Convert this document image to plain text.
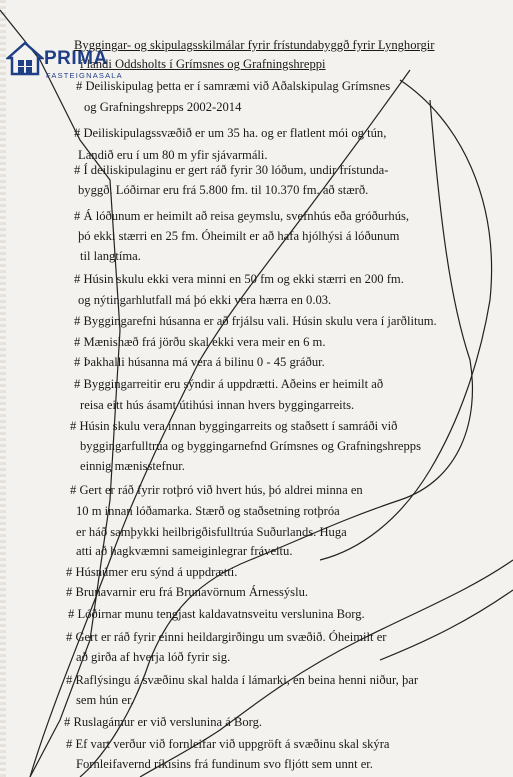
PRIMA
FASTEIGNASALA
Byggingar- og skipulagsskilmálar fyrir frístundabyggð fyrir Lynghorgir
í landi Oddsholts í Grímsnes og Grafningshreppi
# Deiliskipulag þetta er í samræmi við Aðalskipulag Grímsnes
og Grafningshrepps 2002-2014
# Deiliskipulagssvæðið er um 35 ha. og er flatlent mói og tún,
Landið eru í um 80 m yfir sjávarmáli.
# Í deiliskipulaginu er gert ráð fyrir 30 lóðum, undir frístunda-
byggð. Lóðirnar eru frá 5.800 fm. til 10.370 fm. að stærð.
# Á lóðunum er heimilt að reisa geymslu, svefnhús eða gróðurhús,
þó ekki stærri en 25 fm. Óheimilt er að hafa hjólhýsi á lóðunum
til langtíma.
# Húsin skulu ekki vera minni en 50 fm og ekki stærri en 200 fm.
og nýtingarhlutfall má þó ekki vera hærra en 0.03.
# Byggingarefni húsanna er að frjálsu vali. Húsin skulu vera í jarðlitum.
# Mænishæð frá jörðu skal ekki vera meir en 6 m.
# Þakhalli húsanna má vera á bilinu 0 - 45 gráður.
# Byggingarreitir eru sýndir á uppdrætti. Aðeins er heimilt að
reisa eitt hús ásamt útihúsi innan hvers byggingarreits.
# Húsin skulu vera innan byggingarreits og staðsett í samráði við
byggingarfulltrúa og byggingarnefnd Grímsnes og Grafningshrepps
einnig mænisstefnur.
# Gert er ráð fyrir rotþró við hvert hús, þó aldrei minna en
10 m innan lóðamarka. Stærð og staðsetning rotþróa
er háð samþykki heilbrigðisfulltrúa Suðurlands. Huga
atti að hagkvæmni sameiginlegrar fráveitu.
# Húsnúmer eru sýnd á uppdrætti.
# Brunavarnir eru frá Brunavörnum Árnessýslu.
# Lóðirnar munu tengjast kaldavatnsveitu verslunina Borg.
# Gert er ráð fyrir einni heildargirðingu um svæðið. Óheimilt er
að girða af hverja lóð fyrir sig.
# Raflýsingu á svæðinu skal halda í lámarki, en beina henni niður, þar
sem hún er.
# Ruslagámur er við verslunina á Borg.
# Ef vart verður við fornleifar við uppgröft á svæðinu skal skýra
Fornleifavernd ríkisins frá fundinum svo fljótt sem unnt er.
